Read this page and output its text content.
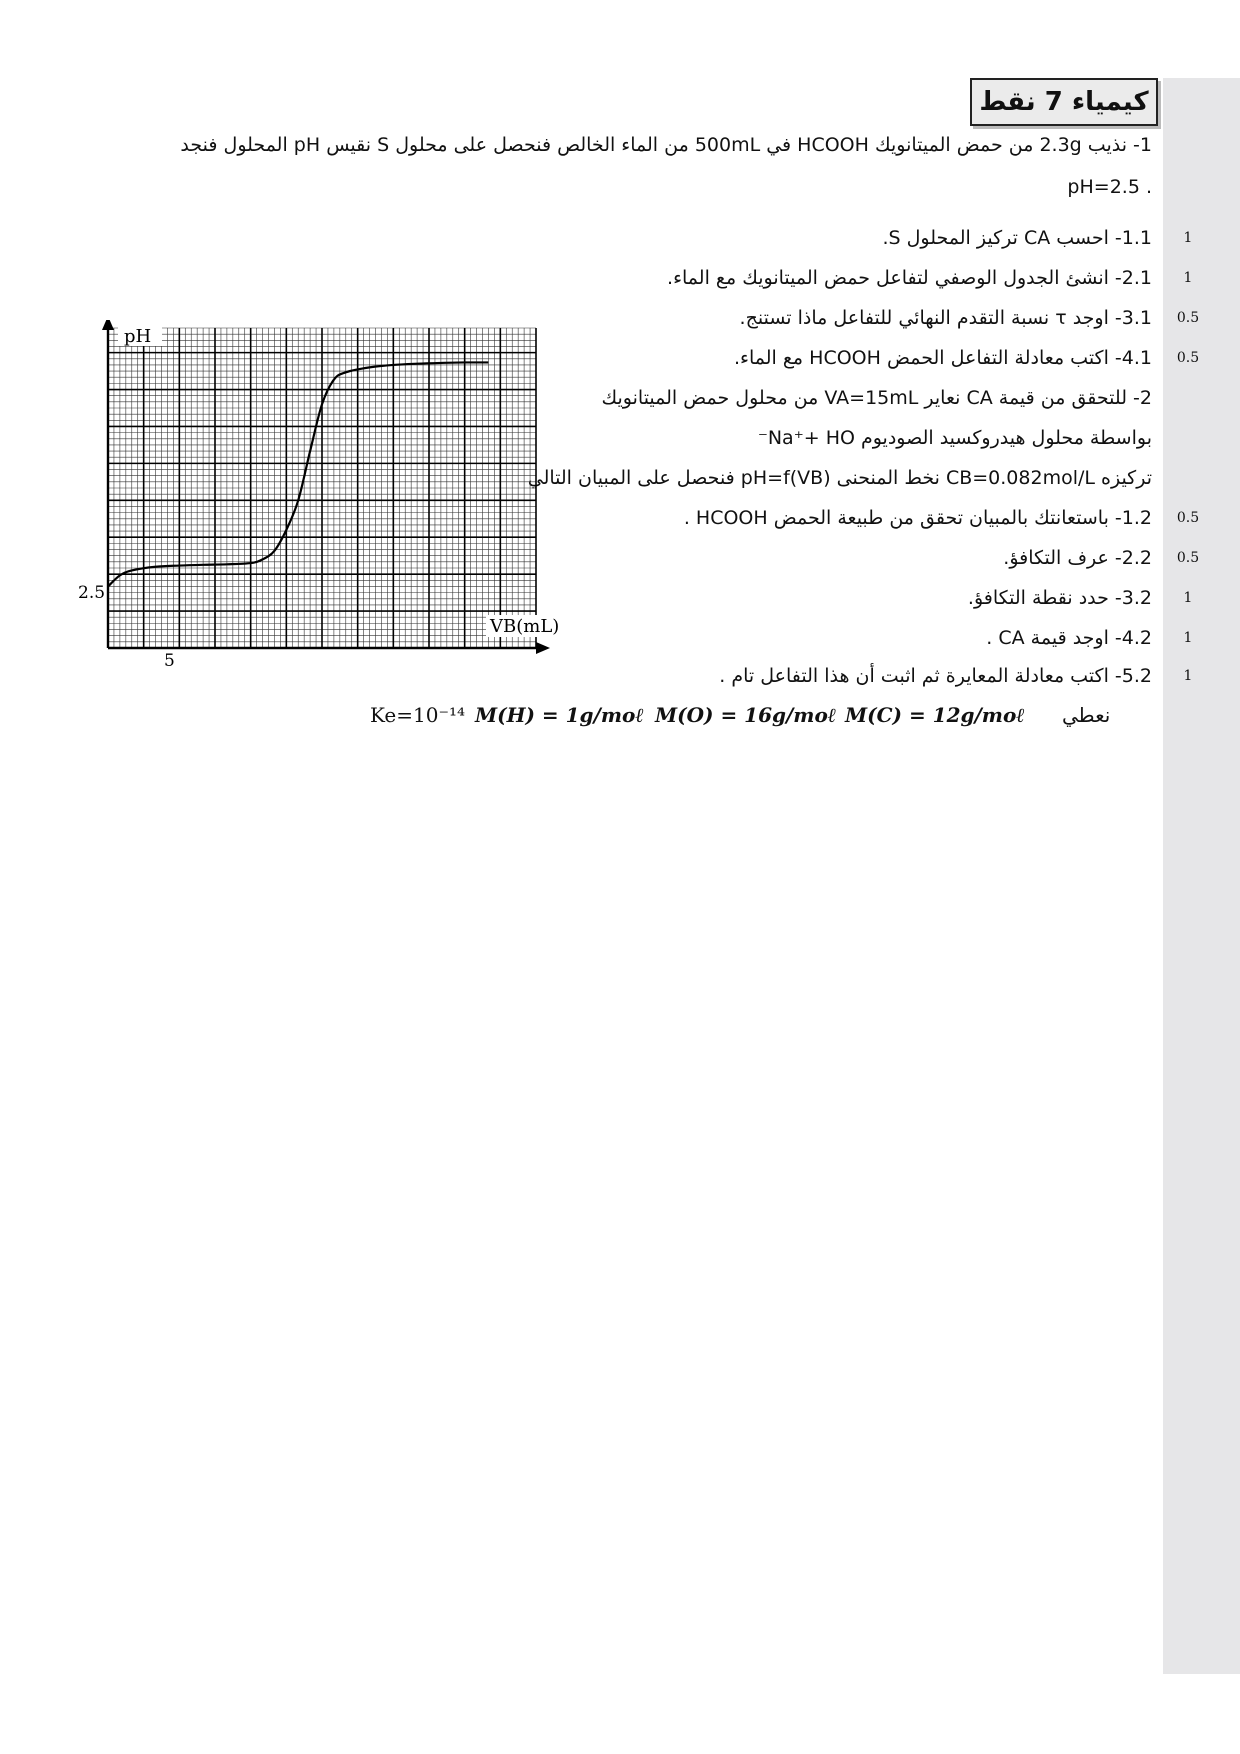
كيمياء 7 نقط
1- نذيب 2.3g من حمض الميتانويك HCOOH في 500mL من الماء الخالص فنحصل على محلول S نقيس pH المحلول فنجد
. pH=2.5
1.1- احسب CA تركيز المحلول S.	1
2.1- انشئ الجدول الوصفي لتفاعل حمض الميتانويك مع الماء.	1
3.1- اوجد τ نسبة التقدم النهائي للتفاعل ماذا تستنج.	0.5
4.1- اكتب معادلة التفاعل الحمض HCOOH مع الماء.	0.5
2- للتحقق من قيمة CA نعاير VA=15mL من محلول حمض الميتانويك
بواسطة محلول هيدروكسيد الصوديوم Na⁺+ HO⁻
تركيزه CB=0.082mol/L نخط المنحنى pH=f(VB) فنحصل على المبيان التالي
1.2- باستعانتك بالمبيان تحقق من طبيعة الحمض HCOOH .	0.5
2.2- عرف التكافؤ.	0.5
3.2- حدد نقطة التكافؤ.	1
4.2- اوجد قيمة CA .	1
5.2- اكتب معادلة المعايرة ثم اثبت أن هذا التفاعل تام .	1
Ke=10⁻¹⁴ M(H) = 1g/moℓ M(O) = 16g/moℓ M(C) = 12g/moℓ نعطي
pH
VB(mL)
2.5
5
